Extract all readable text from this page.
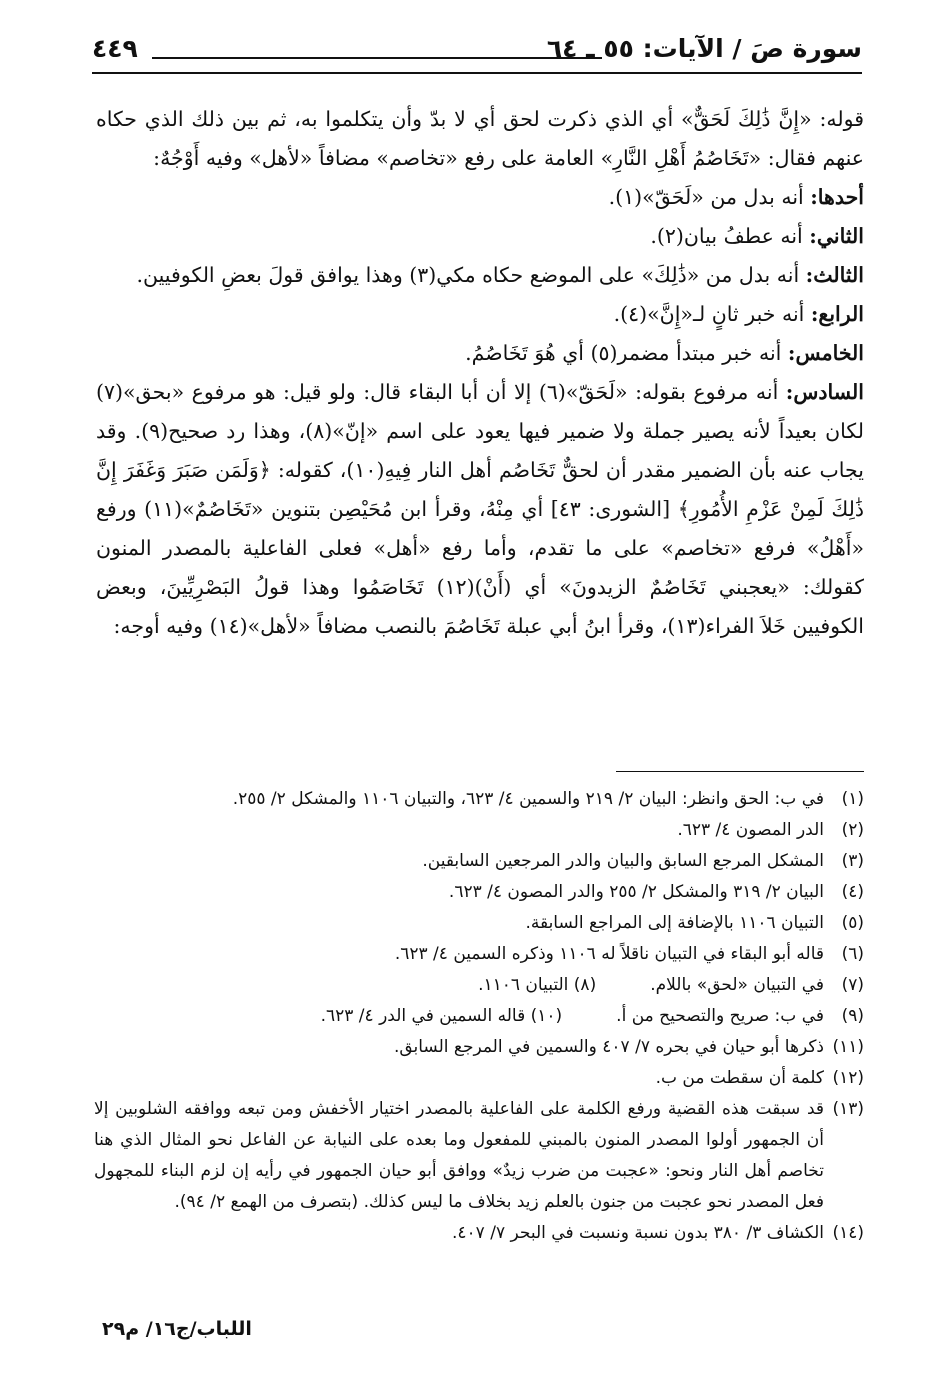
سورة صَ / الآيات: ٥٥ ـ ٦٤
٤٤٩

قوله: «إِنَّ ذَٰلِكَ لَحَقٌّ» أي الذي ذكرت لحق أي لا بدّ وأن يتكلموا به، ثم بين ذلك الذي حكاه عنهم فقال: «تَخَاصُمُ أَهْلِ النَّارِ» العامة على رفع «تخاصم» مضافاً «لأهل» وفيه أَوْجُهٌ:

أحدها: أنه بدل من «لَحَقّ»(١).

الثاني: أنه عطفُ بيان(٢).

الثالث: أنه بدل من «ذَٰلِكَ» على الموضع حكاه مكي(٣) وهذا يوافق قولَ بعضِ الكوفيين.

الرابع: أنه خبر ثانٍ لـ«إِنَّ»(٤).

الخامس: أنه خبر مبتدأ مضمر(٥) أي هُوَ تَخَاصُمُ.

السادس: أنه مرفوع بقوله: «لَحَقّ»(٦) إلا أن أبا البقاء قال: ولو قيل: هو مرفوع «بحق»(٧) لكان بعيداً لأنه يصير جملة ولا ضمير فيها يعود على اسم «إنّ»(٨)، وهذا رد صحيح(٩). وقد يجاب عنه بأن الضمير مقدر أن لحقٌّ تَخَاصُم أهل النار فِيهِ(١٠)، كقوله: ﴿وَلَمَن صَبَرَ وَغَفَرَ إِنَّ ذَٰلِكَ لَمِنْ عَزْمِ الأُمُورِ﴾ [الشورى: ٤٣] أي مِنْهُ، وقرأ ابن مُحَيْصِن بتنوين «تَخَاصُمٌ»(١١) ورفع «أَهْلُ» فرفع «تخاصم» على ما تقدم، وأما رفع «أهل» فعلى الفاعلية بالمصدر المنون كقولك: «يعجبني تَخَاصُمٌ الزيدونَ» أي (أَنْ)(١٢) تَخَاصَمُوا وهذا قولُ البَصْرِيِّينَ، وبعض الكوفيين خَلاَ الفراء(١٣)، وقرأ ابنُ أبي عبلة تَخَاصُمَ بالنصب مضافاً «لأهل»(١٤) وفيه أوجه:

(١)
في ب: الحق وانظر: البيان ٢/ ٢١٩ والسمين ٤/ ٦٢٣، والتبيان ١١٠٦ والمشكل ٢/ ٢٥٥.
(٢)
الدر المصون ٤/ ٦٢٣.
(٣)
المشكل المرجع السابق والبيان والدر المرجعين السابقين.
(٤)
البيان ٢/ ٣١٩ والمشكل ٢/ ٢٥٥ والدر المصون ٤/ ٦٢٣.
(٥)
التبيان ١١٠٦ بالإضافة إلى المراجع السابقة.
(٦)
قاله أبو البقاء في التبيان ناقلاً له ١١٠٦ وذكره السمين ٤/ ٦٢٣.
(٧)
في التبيان «لحق» باللام.          (٨) التبيان ١١٠٦.
(٩)
في ب: صريح والتصحيح من أ.          (١٠) قاله السمين في الدر ٤/ ٦٢٣.
(١١)
ذكرها أبو حيان في بحره ٧/ ٤٠٧ والسمين في المرجع السابق.
(١٢)
كلمة أن سقطت من ب.
(١٣)
قد سبقت هذه القضية ورفع الكلمة على الفاعلية بالمصدر اختيار الأخفش ومن تبعه ووافقه الشلوبين إلا أن الجمهور أولوا المصدر المنون بالمبني للمفعول وما بعده على النيابة عن الفاعل نحو المثال الذي هنا تخاصم أهل النار ونحو: «عجبت من ضرب زيدٌ» ووافق أبو حيان الجمهور في رأيه إن لزم البناء للمجهول فعل المصدر نحو عجبت من جنون بالعلم زيد بخلاف ما ليس كذلك. (بتصرف من الهمع ٢/ ٩٤).
(١٤)
الكشاف ٣/ ٣٨٠ بدون نسبة ونسبت في البحر ٧/ ٤٠٧.
اللباب/ج١٦/ م٢٩
